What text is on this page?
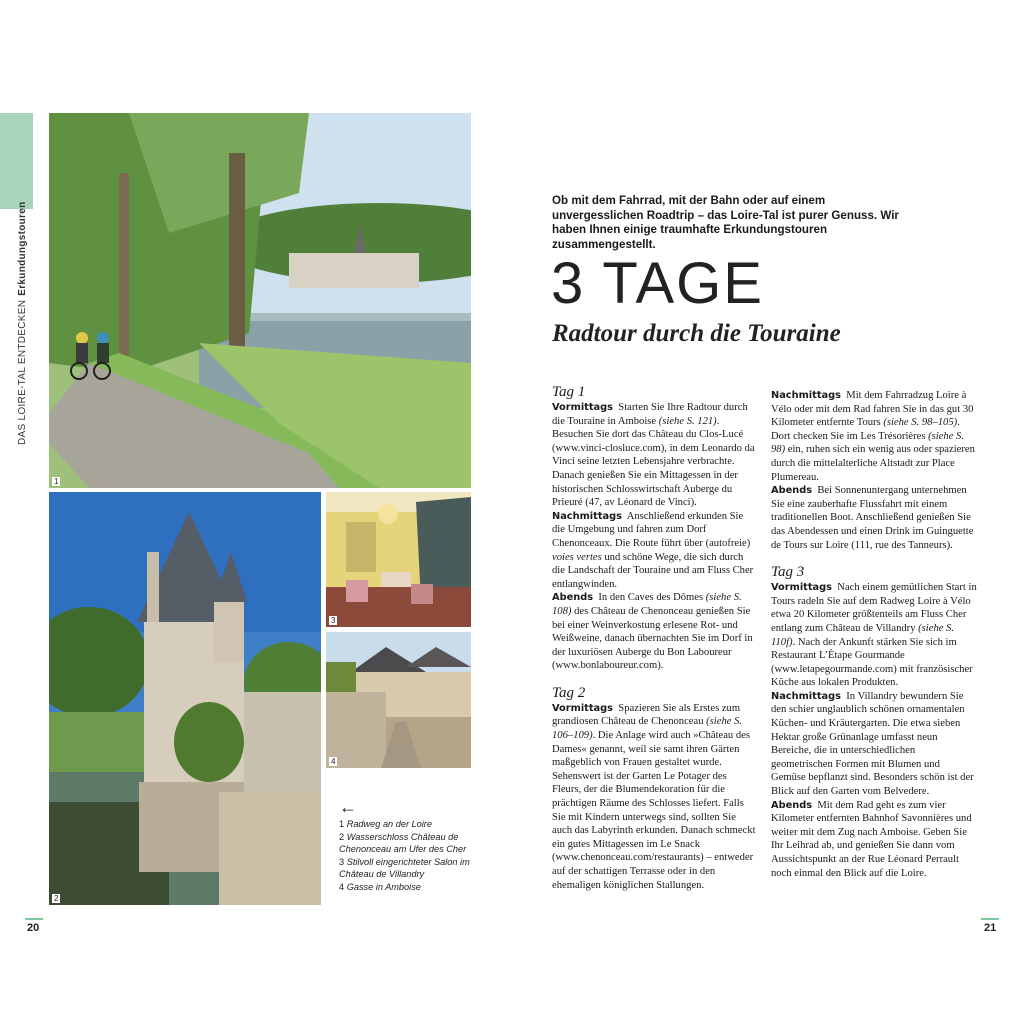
DAS LOIRE-TAL ENTDECKENErkundungstouren
1
2
3
4
←
1 Radweg an der Loire
2 Wasserschloss Château de Chenonceau am Ufer des Cher
3 Stilvoll eingerichteter Salon im Château de Villandry
4 Gasse in Amboise
20	21
Ob mit dem Fahrrad, mit der Bahn oder auf einem unvergesslichen Roadtrip – das Loire-Tal ist purer Genuss. Wir haben Ihnen einige traumhafte Erkundungstouren zusammengestellt.
3 TAGE
Radtour durch die Touraine

Tag 1

Vormittags Starten Sie Ihre Radtour durch die Touraine in Amboise (siehe S. 121). Besuchen Sie dort das Château du Clos-Lucé (www.vinci-closluce.com), in dem Leonardo da Vinci seine letzten Lebensjahre verbrachte. Danach genießen Sie ein Mittagessen in der historischen Schlosswirtschaft Auberge du Prieuré (47, av Léonard de Vinci).

Nachmittags Anschließend erkunden Sie die Umgebung und fahren zum Dorf Chenonceaux. Die Route führt über (autofreie) voies vertes und schöne Wege, die sich durch die Landschaft der Touraine und am Fluss Cher entlangwinden.

Abends In den Caves des Dômes (siehe S. 108) des Château de Chenonceau genießen Sie bei einer Weinverkostung erlesene Rot- und Weißweine, danach übernachten Sie im Dorf in der luxuriösen Auberge du Bon Laboureur (www.bonlaboureur.com).

Tag 2

Vormittags Spazieren Sie als Erstes zum grandiosen Château de Chenonceau (siehe S. 106–109). Die Anlage wird auch »Château des Dames« genannt, weil sie samt ihren Gärten maßgeblich von Frauen gestaltet wurde. Sehenswert ist der Garten Le Potager des Fleurs, der die Blumendekoration für die prächtigen Räume des Schlosses liefert. Falls Sie mit Kindern unterwegs sind, sollten Sie auch das Labyrinth erkunden. Danach schmeckt ein gutes Mittagessen im Le Snack (www.chenonceau.com/restaurants) – entweder auf der schattigen Terrasse oder in den ehemaligen königlichen Stallungen.

Nachmittags Mit dem Fahrradzug Loire à Vélo oder mit dem Rad fahren Sie in das gut 30 Kilometer entfernte Tours (siehe S. 98–105). Dort checken Sie im Les Trésorières (siehe S. 98) ein, ruhen sich ein wenig aus oder spazieren durch die mittelalterliche Altstadt zur Place Plumereau.

Abends Bei Sonnenuntergang unternehmen Sie eine zauberhafte Flussfahrt mit einem traditionellen Boot. Anschließend genießen Sie das Abendessen und einen Drink im Guinguette de Tours sur Loire (111, rue des Tanneurs).

Tag 3

Vormittags Nach einem gemütlichen Start in Tours radeln Sie auf dem Radweg Loire à Vélo etwa 20 Kilometer größtenteils am Fluss Cher entlang zum Château de Villandry (siehe S. 110f). Nach der Ankunft stärken Sie sich im Restaurant L’Étape Gourmande (www.letapegourmande.com) mit französischer Küche aus lokalen Produkten.

Nachmittags In Villandry bewundern Sie den schier unglaublich schönen ornamentalen Küchen- und Kräutergarten. Die etwa sieben Hektar große Grünanlage umfasst neun Bereiche, die in unterschiedlichen geometrischen Formen mit Blumen und Gemüse bepflanzt sind. Besonders schön ist der Blick auf den Garten vom Belvedere.

Abends Mit dem Rad geht es zum vier Kilometer entfernten Bahnhof Savonnières und weiter mit dem Zug nach Amboise. Geben Sie Ihr Leihrad ab, und genießen Sie dann vom Aussichtspunkt an der Rue Léonard Perrault noch einmal den Blick auf die Loire.
